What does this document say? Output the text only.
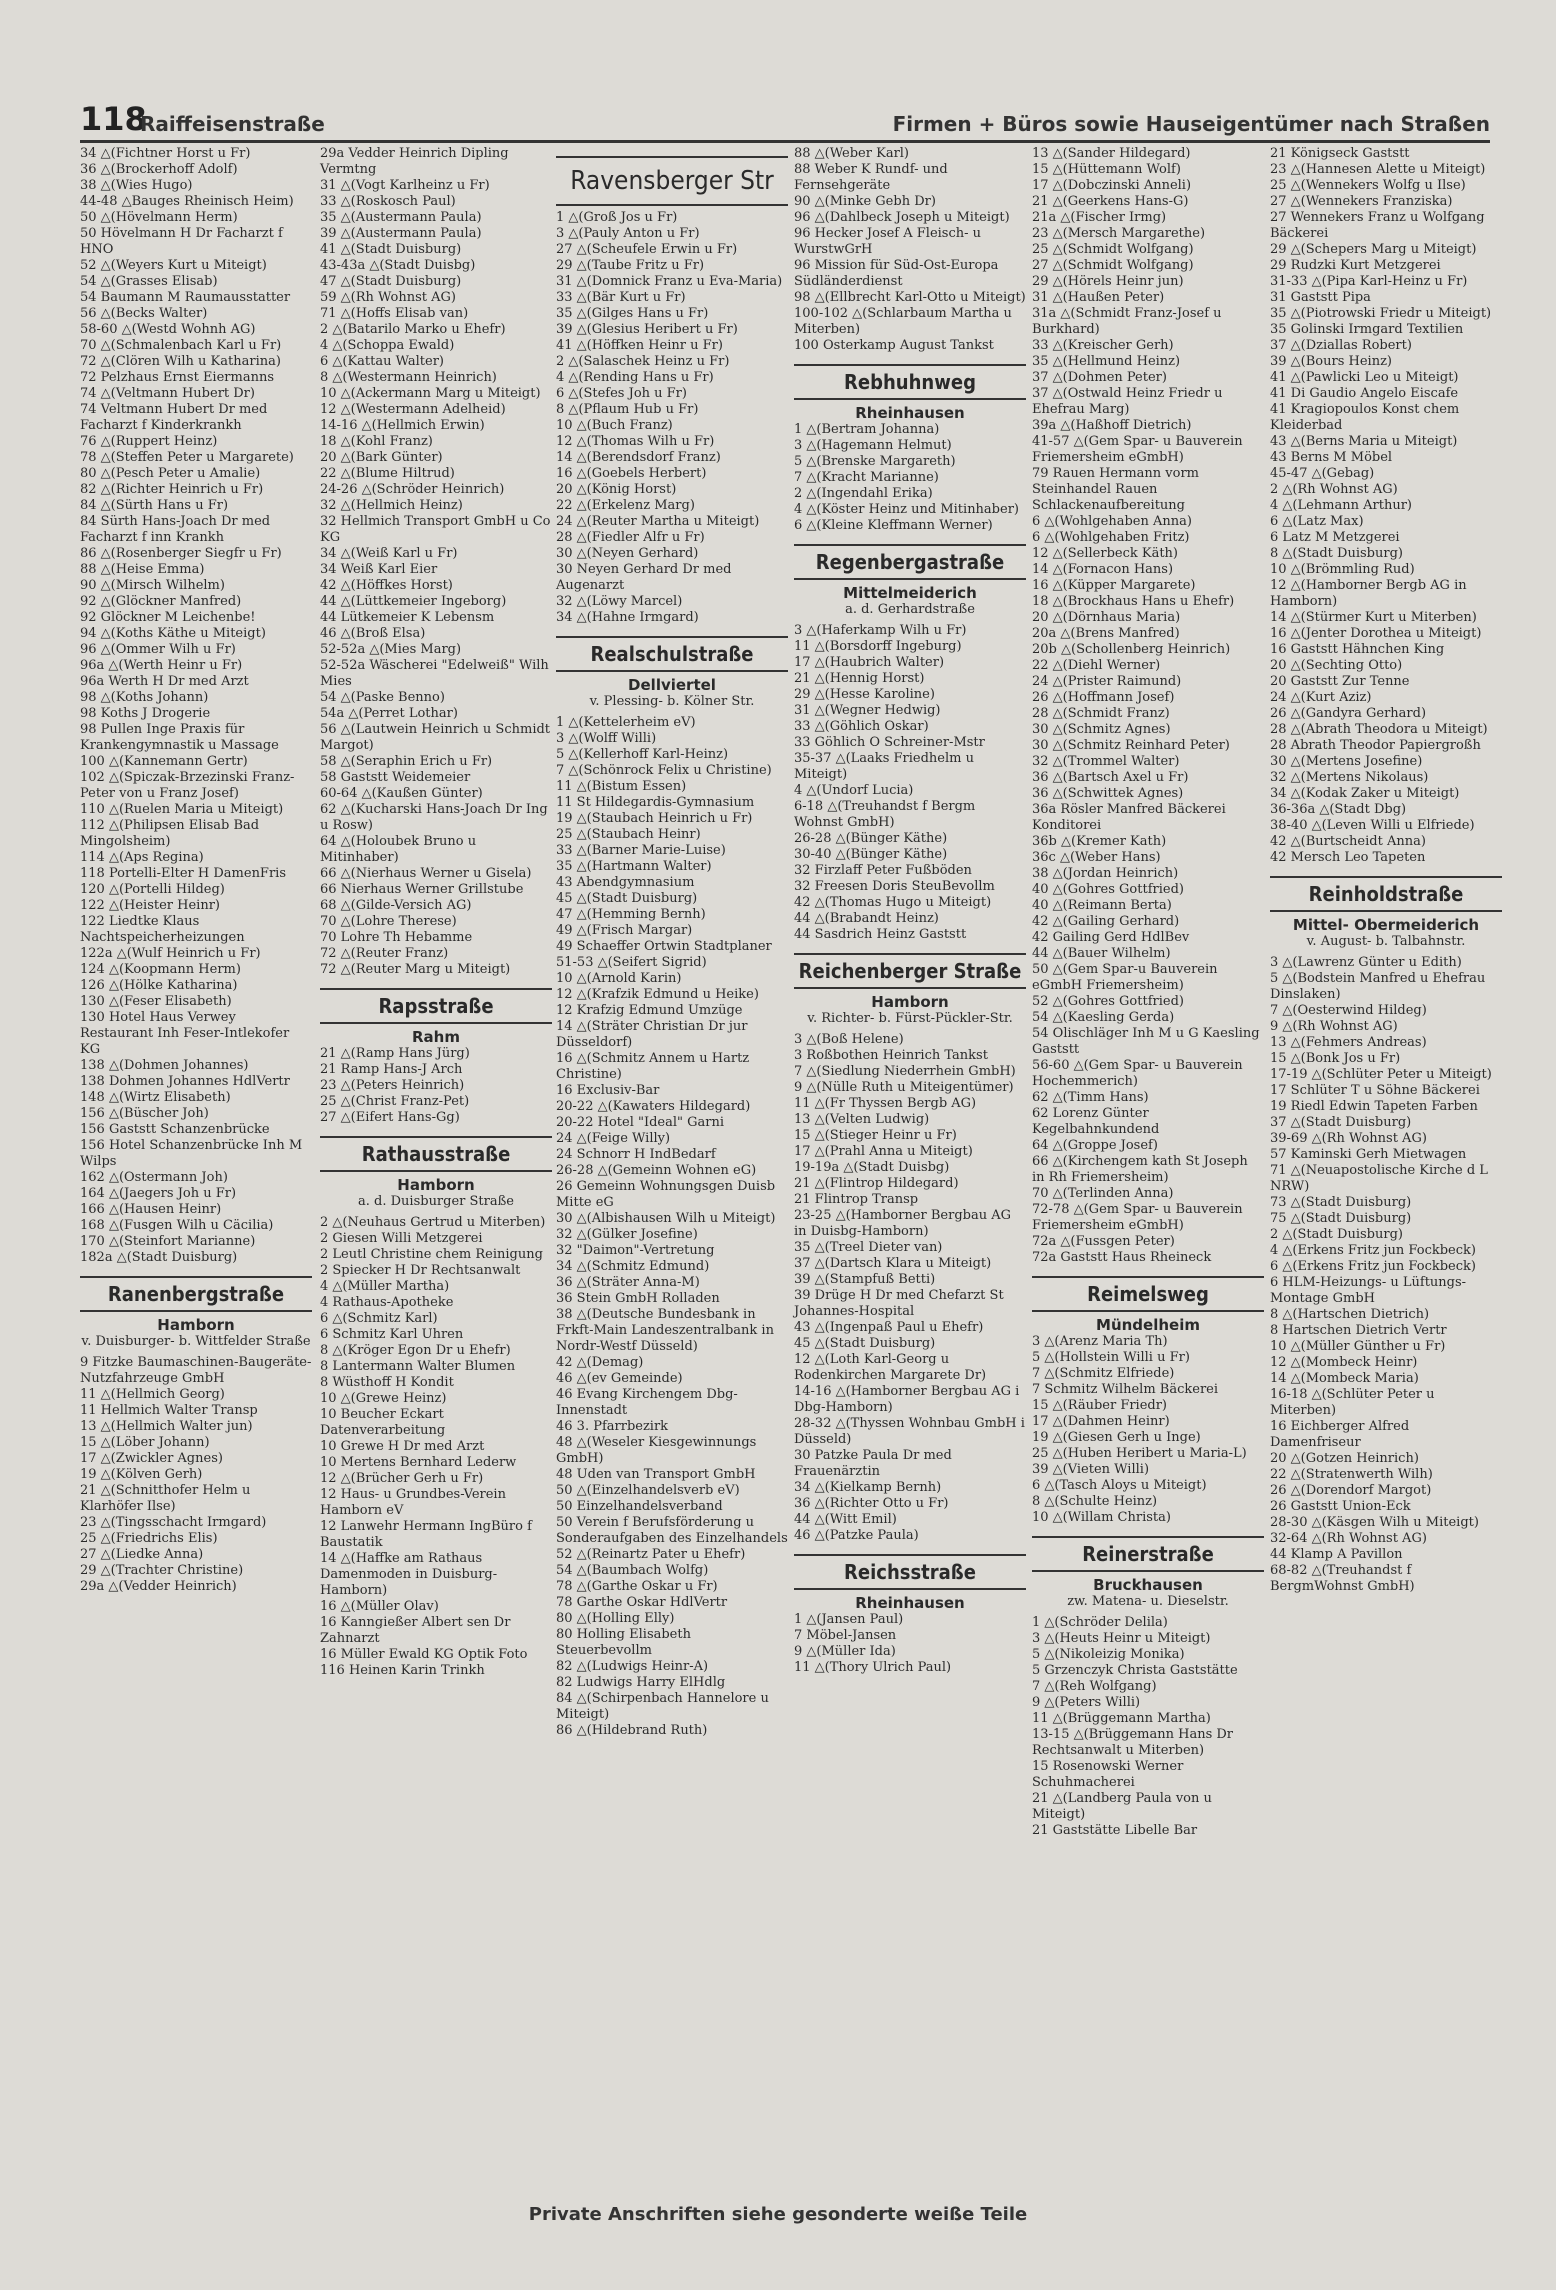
118
Raiffeisenstraße	Firmen + Büros sowie Hauseigentümer nach Straßen

34 △(Fichtner Horst u Fr)

36 △(Brockerhoff Adolf)

38 △(Wies Hugo)

44-48 △Bauges Rheinisch Heim)

50 △(Hövelmann Herm)

50 Hövelmann H Dr Facharzt f HNO

52 △(Weyers Kurt u Miteigt)

54 △(Grasses Elisab)

54 Baumann M Raumausstatter

56 △(Becks Walter)

58-60 △(Westd Wohnh AG)

70 △(Schmalenbach Karl u Fr)

72 △(Clören Wilh u Katharina)

72 Pelzhaus Ernst Eiermanns

74 △(Veltmann Hubert Dr)

74 Veltmann Hubert Dr med Facharzt f Kinderkrankh

76 △(Ruppert Heinz)

78 △(Steffen Peter u Margarete)

80 △(Pesch Peter u Amalie)

82 △(Richter Heinrich u Fr)

84 △(Sürth Hans u Fr)

84 Sürth Hans-Joach Dr med Facharzt f inn Krankh

86 △(Rosenberger Siegfr u Fr)

88 △(Heise Emma)

90 △(Mirsch Wilhelm)

92 △(Glöckner Manfred)

92 Glöckner M Leichenbe!

94 △(Koths Käthe u Miteigt)

96 △(Ommer Wilh u Fr)

96a △(Werth Heinr u Fr)

96a Werth H Dr med Arzt

98 △(Koths Johann)

98 Koths J Drogerie

98 Pullen Inge Praxis für Krankengymnastik u Massage

100 △(Kannemann Gertr)

102 △(Spiczak-Brzezinski Franz-Peter von u Franz Josef)

110 △(Ruelen Maria u Miteigt)

112 △(Philipsen Elisab Bad Mingolsheim)

114 △(Aps Regina)

118 Portelli-Elter H DamenFris

120 △(Portelli Hildeg)

122 △(Heister Heinr)

122 Liedtke Klaus Nachtspeicherheizungen

122a △(Wulf Heinrich u Fr)

124 △(Koopmann Herm)

126 △(Hölke Katharina)

130 △(Feser Elisabeth)

130 Hotel Haus Verwey Restaurant Inh Feser-Intlekofer KG

138 △(Dohmen Johannes)

138 Dohmen Johannes HdlVertr

148 △(Wirtz Elisabeth)

156 △(Büscher Joh)

156 Gaststt Schanzenbrücke

156 Hotel Schanzenbrücke Inh M Wilps

162 △(Ostermann Joh)

164 △(Jaegers Joh u Fr)

166 △(Hausen Heinr)

168 △(Fusgen Wilh u Cäcilia)

170 △(Steinfort Marianne)

182a △(Stadt Duisburg)

Ranenbergstraße
Hamborn
v. Duisburger- b. Wittfelder Straße

9 Fitzke Baumaschinen-Baugeräte-Nutzfahrzeuge GmbH

11 △(Hellmich Georg)

11 Hellmich Walter Transp

13 △(Hellmich Walter jun)

15 △(Löber Johann)

17 △(Zwickler Agnes)

19 △(Kölven Gerh)

21 △(Schnitthofer Helm u Klarhöfer Ilse)

23 △(Tingsschacht Irmgard)

25 △(Friedrichs Elis)

27 △(Liedke Anna)

29 △(Trachter Christine)

29a △(Vedder Heinrich)

29a Vedder Heinrich Dipling Vermtng

31 △(Vogt Karlheinz u Fr)

33 △(Roskosch Paul)

35 △(Austermann Paula)

39 △(Austermann Paula)

41 △(Stadt Duisburg)

43-43a △(Stadt Duisbg)

47 △(Stadt Duisburg)

59 △(Rh Wohnst AG)

71 △(Hoffs Elisab van)

2 △(Batarilo Marko u Ehefr)

4 △(Schoppa Ewald)

6 △(Kattau Walter)

8 △(Westermann Heinrich)

10 △(Ackermann Marg u Miteigt)

12 △(Westermann Adelheid)

14-16 △(Hellmich Erwin)

18 △(Kohl Franz)

20 △(Bark Günter)

22 △(Blume Hiltrud)

24-26 △(Schröder Heinrich)

32 △(Hellmich Heinz)

32 Hellmich Transport GmbH u Co KG

34 △(Weiß Karl u Fr)

34 Weiß Karl Eier

42 △(Höffkes Horst)

44 △(Lüttkemeier Ingeborg)

44 Lütkemeier K Lebensm

46 △(Broß Elsa)

52-52a △(Mies Marg)

52-52a Wäscherei "Edelweiß" Wilh Mies

54 △(Paske Benno)

54a △(Perret Lothar)

56 △(Lautwein Heinrich u Schmidt Margot)

58 △(Seraphin Erich u Fr)

58 Gaststt Weidemeier

60-64 △(Kaußen Günter)

62 △(Kucharski Hans-Joach Dr Ing u Rosw)

64 △(Holoubek Bruno u Mitinhaber)

66 △(Nierhaus Werner u Gisela)

66 Nierhaus Werner Grillstube

68 △(Gilde-Versich AG)

70 △(Lohre Therese)

70 Lohre Th Hebamme

72 △(Reuter Franz)

72 △(Reuter Marg u Miteigt)

Rapsstraße
Rahm

21 △(Ramp Hans Jürg)

21 Ramp Hans-J Arch

23 △(Peters Heinrich)

25 △(Christ Franz-Pet)

27 △(Eifert Hans-Gg)

Rathausstraße
Hamborn
a. d. Duisburger Straße

2 △(Neuhaus Gertrud u Miterben)

2 Giesen Willi Metzgerei

2 Leutl Christine chem Reinigung

2 Spiecker H Dr Rechtsanwalt

4 △(Müller Martha)

4 Rathaus-Apotheke

6 △(Schmitz Karl)

6 Schmitz Karl Uhren

8 △(Kröger Egon Dr u Ehefr)

8 Lantermann Walter Blumen

8 Wüsthoff H Kondit

10 △(Grewe Heinz)

10 Beucher Eckart Datenverarbeitung

10 Grewe H Dr med Arzt

10 Mertens Bernhard Lederw

12 △(Brücher Gerh u Fr)

12 Haus- u Grundbes-Verein Hamborn eV

12 Lanwehr Hermann IngBüro f Baustatik

14 △(Haffke am Rathaus Damenmoden in Duisburg-Hamborn)

16 △(Müller Olav)

16 Kanngießer Albert sen Dr Zahnarzt

16 Müller Ewald KG Optik Foto

116 Heinen Karin Trinkh

Ravensberger Str

1 △(Groß Jos u Fr)

3 △(Pauly Anton u Fr)

27 △(Scheufele Erwin u Fr)

29 △(Taube Fritz u Fr)

31 △(Domnick Franz u Eva-Maria)

33 △(Bär Kurt u Fr)

35 △(Gilges Hans u Fr)

39 △(Glesius Heribert u Fr)

41 △(Höffken Heinr u Fr)

2 △(Salaschek Heinz u Fr)

4 △(Rending Hans u Fr)

6 △(Stefes Joh u Fr)

8 △(Pflaum Hub u Fr)

10 △(Buch Franz)

12 △(Thomas Wilh u Fr)

14 △(Berendsdorf Franz)

16 △(Goebels Herbert)

20 △(König Horst)

22 △(Erkelenz Marg)

24 △(Reuter Martha u Miteigt)

28 △(Fiedler Alfr u Fr)

30 △(Neyen Gerhard)

30 Neyen Gerhard Dr med Augenarzt

32 △(Löwy Marcel)

34 △(Hahne Irmgard)

Realschulstraße
Dellviertel
v. Plessing- b. Kölner Str.

1 △(Kettelerheim eV)

3 △(Wolff Willi)

5 △(Kellerhoff Karl-Heinz)

7 △(Schönrock Felix u Christine)

11 △(Bistum Essen)

11 St Hildegardis-Gymnasium

19 △(Staubach Heinrich u Fr)

25 △(Staubach Heinr)

33 △(Barner Marie-Luise)

35 △(Hartmann Walter)

43 Abendgymnasium

45 △(Stadt Duisburg)

47 △(Hemming Bernh)

49 △(Frisch Margar)

49 Schaeffer Ortwin Stadtplaner

51-53 △(Seifert Sigrid)

10 △(Arnold Karin)

12 △(Krafzik Edmund u Heike)

12 Krafzig Edmund Umzüge

14 △(Sträter Christian Dr jur Düsseldorf)

16 △(Schmitz Annem u Hartz Christine)

16 Exclusiv-Bar

20-22 △(Kawaters Hildegard)

20-22 Hotel "Ideal" Garni

24 △(Feige Willy)

24 Schnorr H IndBedarf

26-28 △(Gemeinn Wohnen eG)

26 Gemeinn Wohnungsgen Duisb Mitte eG

30 △(Albishausen Wilh u Miteigt)

32 △(Gülker Josefine)

32 "Daimon"-Vertretung

34 △(Schmitz Edmund)

36 △(Sträter Anna-M)

36 Stein GmbH Rolladen

38 △(Deutsche Bundesbank in Frkft-Main Landeszentralbank in Nordr-Westf Düsseld)

42 △(Demag)

46 △(ev Gemeinde)

46 Evang Kirchengem Dbg-Innenstadt

46 3. Pfarrbezirk

48 △(Weseler Kiesgewinnungs GmbH)

48 Uden van Transport GmbH

50 △(Einzelhandelsverb eV)

50 Einzelhandelsverband

50 Verein f Berufsförderung u Sonderaufgaben des Einzelhandels

52 △(Reinartz Pater u Ehefr)

54 △(Baumbach Wolfg)

78 △(Garthe Oskar u Fr)

78 Garthe Oskar HdlVertr

80 △(Holling Elly)

80 Holling Elisabeth Steuerbevollm

82 △(Ludwigs Heinr-A)

82 Ludwigs Harry ElHdlg

84 △(Schirpenbach Hannelore u Miteigt)

86 △(Hildebrand Ruth)

88 △(Weber Karl)

88 Weber K Rundf- und Fernsehgeräte

90 △(Minke Gebh Dr)

96 △(Dahlbeck Joseph u Miteigt)

96 Hecker Josef A Fleisch- u WurstwGrH

96 Mission für Süd-Ost-Europa Südländerdienst

98 △(Ellbrecht Karl-Otto u Miteigt)

100-102 △(Schlarbaum Martha u Miterben)

100 Osterkamp August Tankst

Rebhuhnweg
Rheinhausen

1 △(Bertram Johanna)

3 △(Hagemann Helmut)

5 △(Brenske Margareth)

7 △(Kracht Marianne)

2 △(Ingendahl Erika)

4 △(Köster Heinz und Mitinhaber)

6 △(Kleine Kleffmann Werner)

Regenbergastraße
Mittelmeiderich
a. d. Gerhardstraße

3 △(Haferkamp Wilh u Fr)

11 △(Borsdorff Ingeburg)

17 △(Haubrich Walter)

21 △(Hennig Horst)

29 △(Hesse Karoline)

31 △(Wegner Hedwig)

33 △(Göhlich Oskar)

33 Göhlich O Schreiner-Mstr

35-37 △(Laaks Friedhelm u Miteigt)

4 △(Undorf Lucia)

6-18 △(Treuhandst f Bergm Wohnst GmbH)

26-28 △(Bünger Käthe)

30-40 △(Bünger Käthe)

32 Firzlaff Peter Fußböden

32 Freesen Doris SteuBevollm

42 △(Thomas Hugo u Miteigt)

44 △(Brabandt Heinz)

44 Sasdrich Heinz Gaststt

Reichenberger Straße
Hamborn
v. Richter- b. Fürst-Pückler-Str.

3 △(Boß Helene)

3 Roßbothen Heinrich Tankst

7 △(Siedlung Niederrhein GmbH)

9 △(Nülle Ruth u Miteigentümer)

11 △(Fr Thyssen Bergb AG)

13 △(Velten Ludwig)

15 △(Stieger Heinr u Fr)

17 △(Prahl Anna u Miteigt)

19-19a △(Stadt Duisbg)

21 △(Flintrop Hildegard)

21 Flintrop Transp

23-25 △(Hamborner Bergbau AG in Duisbg-Hamborn)

35 △(Treel Dieter van)

37 △(Dartsch Klara u Miteigt)

39 △(Stampfuß Betti)

39 Drüge H Dr med Chefarzt St Johannes-Hospital

43 △(Ingenpaß Paul u Ehefr)

45 △(Stadt Duisburg)

12 △(Loth Karl-Georg u Rodenkirchen Margarete Dr)

14-16 △(Hamborner Bergbau AG i Dbg-Hamborn)

28-32 △(Thyssen Wohnbau GmbH i Düsseld)

30 Patzke Paula Dr med Frauenärztin

34 △(Kielkamp Bernh)

36 △(Richter Otto u Fr)

44 △(Witt Emil)

46 △(Patzke Paula)

Reichsstraße
Rheinhausen

1 △(Jansen Paul)

7 Möbel-Jansen

9 △(Müller Ida)

11 △(Thory Ulrich Paul)

13 △(Sander Hildegard)

15 △(Hüttemann Wolf)

17 △(Dobczinski Anneli)

21 △(Geerkens Hans-G)

21a △(Fischer Irmg)

23 △(Mersch Margarethe)

25 △(Schmidt Wolfgang)

27 △(Schmidt Wolfgang)

29 △(Hörels Heinr jun)

31 △(Haußen Peter)

31a △(Schmidt Franz-Josef u Burkhard)

33 △(Kreischer Gerh)

35 △(Hellmund Heinz)

37 △(Dohmen Peter)

37 △(Ostwald Heinz Friedr u Ehefrau Marg)

39a △(Haßhoff Dietrich)

41-57 △(Gem Spar- u Bauverein Friemersheim eGmbH)

79 Rauen Hermann vorm Steinhandel Rauen Schlackenaufbereitung

6 △(Wohlgehaben Anna)

6 △(Wohlgehaben Fritz)

12 △(Sellerbeck Käth)

14 △(Fornacon Hans)

16 △(Küpper Margarete)

18 △(Brockhaus Hans u Ehefr)

20 △(Dörnhaus Maria)

20a △(Brens Manfred)

20b △(Schollenberg Heinrich)

22 △(Diehl Werner)

24 △(Prister Raimund)

26 △(Hoffmann Josef)

28 △(Schmidt Franz)

30 △(Schmitz Agnes)

30 △(Schmitz Reinhard Peter)

32 △(Trommel Walter)

36 △(Bartsch Axel u Fr)

36 △(Schwittek Agnes)

36a Rösler Manfred Bäckerei Konditorei

36b △(Kremer Kath)

36c △(Weber Hans)

38 △(Jordan Heinrich)

40 △(Gohres Gottfried)

40 △(Reimann Berta)

42 △(Gailing Gerhard)

42 Gailing Gerd HdlBev

44 △(Bauer Wilhelm)

50 △(Gem Spar-u Bauverein eGmbH Friemersheim)

52 △(Gohres Gottfried)

54 △(Kaesling Gerda)

54 Olischläger Inh M u G Kaesling Gaststt

56-60 △(Gem Spar- u Bauverein Hochemmerich)

62 △(Timm Hans)

62 Lorenz Günter Kegelbahnkundend

64 △(Groppe Josef)

66 △(Kirchengem kath St Joseph in Rh Friemersheim)

70 △(Terlinden Anna)

72-78 △(Gem Spar- u Bauverein Friemersheim eGmbH)

72a △(Fussgen Peter)

72a Gaststt Haus Rheineck

Reimelsweg
Mündelheim

3 △(Arenz Maria Th)

5 △(Hollstein Willi u Fr)

7 △(Schmitz Elfriede)

7 Schmitz Wilhelm Bäckerei

15 △(Räuber Friedr)

17 △(Dahmen Heinr)

19 △(Giesen Gerh u Inge)

25 △(Huben Heribert u Maria-L)

39 △(Vieten Willi)

6 △(Tasch Aloys u Miteigt)

8 △(Schulte Heinz)

10 △(Willam Christa)

Reinerstraße
Bruckhausen
zw. Matena- u. Dieselstr.

1 △(Schröder Delila)

3 △(Heuts Heinr u Miteigt)

5 △(Nikoleizig Monika)

5 Grzenczyk Christa Gaststätte

7 △(Reh Wolfgang)

9 △(Peters Willi)

11 △(Brüggemann Martha)

13-15 △(Brüggemann Hans Dr Rechtsanwalt u Miterben)

15 Rosenowski Werner Schuhmacherei

21 △(Landberg Paula von u Miteigt)

21 Gaststätte Libelle Bar

21 Königseck Gaststt

23 △(Hannesen Alette u Miteigt)

25 △(Wennekers Wolfg u Ilse)

27 △(Wennekers Franziska)

27 Wennekers Franz u Wolfgang Bäckerei

29 △(Schepers Marg u Miteigt)

29 Rudzki Kurt Metzgerei

31-33 △(Pipa Karl-Heinz u Fr)

31 Gaststt Pipa

35 △(Piotrowski Friedr u Miteigt)

35 Golinski Irmgard Textilien

37 △(Dziallas Robert)

39 △(Bours Heinz)

41 △(Pawlicki Leo u Miteigt)

41 Di Gaudio Angelo Eiscafe

41 Kragiopoulos Konst chem Kleiderbad

43 △(Berns Maria u Miteigt)

43 Berns M Möbel

45-47 △(Gebag)

2 △(Rh Wohnst AG)

4 △(Lehmann Arthur)

6 △(Latz Max)

6 Latz M Metzgerei

8 △(Stadt Duisburg)

10 △(Brömmling Rud)

12 △(Hamborner Bergb AG in Hamborn)

14 △(Stürmer Kurt u Miterben)

16 △(Jenter Dorothea u Miteigt)

16 Gaststt Hähnchen King

20 △(Sechting Otto)

20 Gaststt Zur Tenne

24 △(Kurt Aziz)

26 △(Gandyra Gerhard)

28 △(Abrath Theodora u Miteigt)

28 Abrath Theodor Papiergroßh

30 △(Mertens Josefine)

32 △(Mertens Nikolaus)

34 △(Kodak Zaker u Miteigt)

36-36a △(Stadt Dbg)

38-40 △(Leven Willi u Elfriede)

42 △(Burtscheidt Anna)

42 Mersch Leo Tapeten

Reinholdstraße
Mittel- Obermeiderich
v. August- b. Talbahnstr.

3 △(Lawrenz Günter u Edith)

5 △(Bodstein Manfred u Ehefrau Dinslaken)

7 △(Oesterwind Hildeg)

9 △(Rh Wohnst AG)

13 △(Fehmers Andreas)

15 △(Bonk Jos u Fr)

17-19 △(Schlüter Peter u Miteigt)

17 Schlüter T u Söhne Bäckerei

19 Riedl Edwin Tapeten Farben

37 △(Stadt Duisburg)

39-69 △(Rh Wohnst AG)

57 Kaminski Gerh Mietwagen

71 △(Neuapostolische Kirche d L NRW)

73 △(Stadt Duisburg)

75 △(Stadt Duisburg)

2 △(Stadt Duisburg)

4 △(Erkens Fritz jun Fockbeck)

6 △(Erkens Fritz jun Fockbeck)

6 HLM-Heizungs- u Lüftungs-Montage GmbH

8 △(Hartschen Dietrich)

8 Hartschen Dietrich Vertr

10 △(Müller Günther u Fr)

12 △(Mombeck Heinr)

14 △(Mombeck Maria)

16-18 △(Schlüter Peter u Miterben)

16 Eichberger Alfred Damenfriseur

20 △(Gotzen Heinrich)

22 △(Stratenwerth Wilh)

26 △(Dorendorf Margot)

26 Gaststt Union-Eck

28-30 △(Käsgen Wilh u Miteigt)

32-64 △(Rh Wohnst AG)

44 Klamp A Pavillon

68-82 △(Treuhandst f BergmWohnst GmbH)

Private Anschriften siehe gesonderte weiße Teile
